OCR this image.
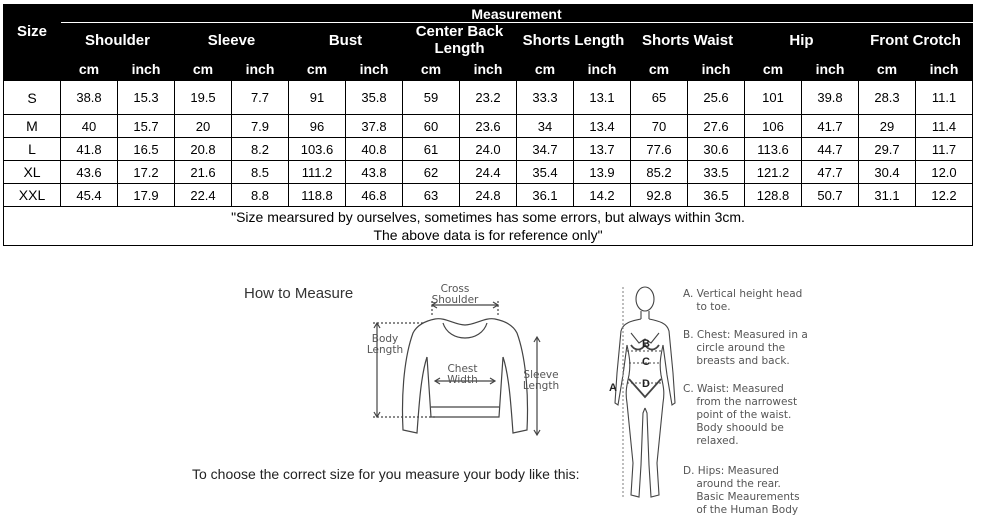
Size	Measurement															
	Shoulder		Sleeve		Bust		Center Back Length		Shorts Length		Shorts Waist		Hip		Front Crotch	
	cm	inch	cm	inch	cm	inch	cm	inch	cm	inch	cm	inch	cm	inch	cm	inch
S	38.8	15.3	19.5	7.7	91	35.8	59	23.2	33.3	13.1	65	25.6	101	39.8	28.3	11.1
M	40	15.7	20	7.9	96	37.8	60	23.6	34	13.4	70	27.6	106	41.7	29	11.4
L	41.8	16.5	20.8	8.2	103.6	40.8	61	24.0	34.7	13.7	77.6	30.6	113.6	44.7	29.7	11.7
XL	43.6	17.2	21.6	8.5	111.2	43.8	62	24.4	35.4	13.9	85.2	33.5	121.2	47.7	30.4	12.0
XXL	45.4	17.9	22.4	8.8	118.8	46.8	63	24.8	36.1	14.2	92.8	36.5	128.8	50.7	31.1	12.2

"Size mearsured by ourselves, sometimes has some errors, but always within 3cm.
The above data is for reference only"																
How to Measure	Cross
Shoulder
Body
Length
Chest
Width	Sleeve
Length
To choose the correct size for you measure your body like this:
A
B
C
D
A. Vertical height head
to toe.
B. Chest: Measured in a
circle around the
breasts and back.
C. Waist: Measured
from the narrowest
point of the waist.
Body shoould be
relaxed.
D. Hips: Measured
around the rear.
Basic Meaurements
of the Human Body
